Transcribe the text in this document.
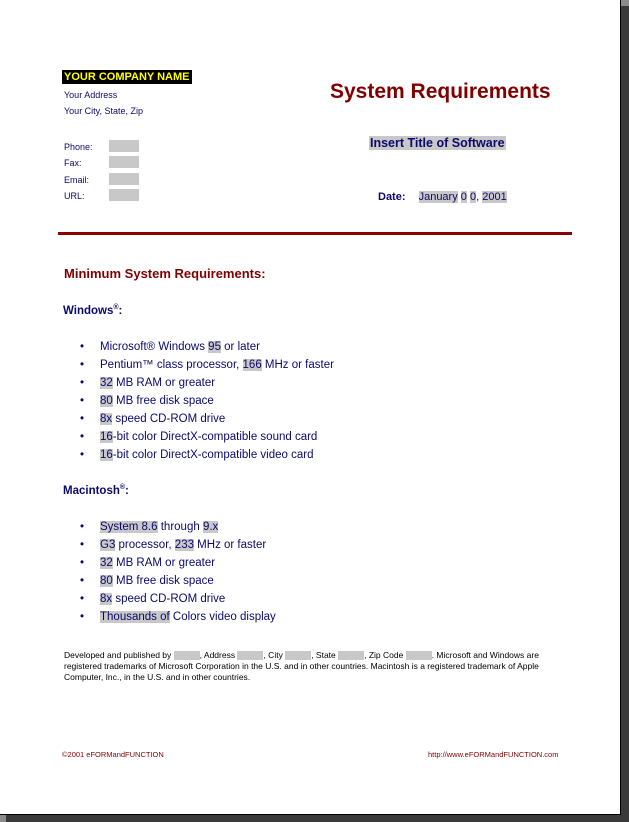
YOUR COMPANY NAME
Your Address
Your City, State, Zip
Phone:
Fax:
Email:
URL:
System Requirements
Insert Title of Software
Date: January 0 0, 2001
Minimum System Requirements:
Windows®:
• Microsoft® Windows 95 or later
• Pentium™ class processor, 166 MHz or faster
• 32 MB RAM or greater
• 80 MB free disk space
• 8x speed CD-ROM drive
• 16-bit color DirectX-compatible sound card
• 16-bit color DirectX-compatible video card
Macintosh®:
• System 8.6 through 9.x
• G3 processor, 233 MHz or faster
• 32 MB RAM or greater
• 80 MB free disk space
• 8x speed CD-ROM drive
• Thousands of Colors video display
Developed and published by	, Address	, City	, State	, Zip Code	. Microsoft and Windows are registered trademarks of Microsoft Corporation in the U.S. and in other countries. Macintosh is a registered trademark of Apple Computer, Inc., in the U.S. and in other countries.
©2001 eFORMandFUNCTION	http://www.eFORMandFUNCTION.com
